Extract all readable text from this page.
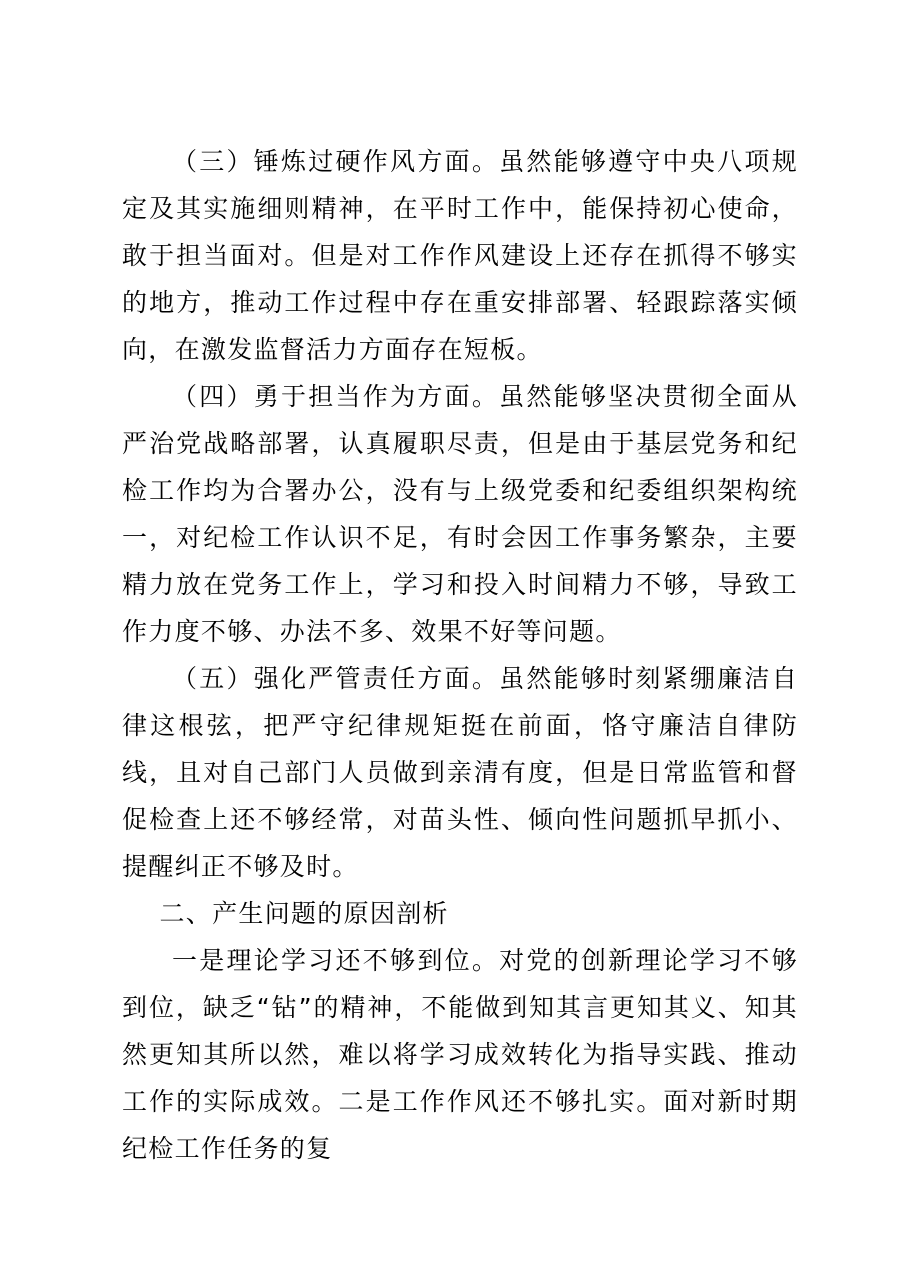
（三）锤炼过硬作风方面。虽然能够遵守中央八项规定及其实施细则精神，在平时工作中，能保持初心使命，敢于担当面对。但是对工作作风建设上还存在抓得不够实的地方，推动工作过程中存在重安排部署、轻跟踪落实倾向，在激发监督活力方面存在短板。

（四）勇于担当作为方面。虽然能够坚决贯彻全面从严治党战略部署，认真履职尽责，但是由于基层党务和纪检工作均为合署办公，没有与上级党委和纪委组织架构统一，对纪检工作认识不足，有时会因工作事务繁杂，主要精力放在党务工作上，学习和投入时间精力不够，导致工作力度不够、办法不多、效果不好等问题。

（五）强化严管责任方面。虽然能够时刻紧绷廉洁自律这根弦，把严守纪律规矩挺在前面，恪守廉洁自律防线，且对自己部门人员做到亲清有度，但是日常监管和督促检查上还不够经常，对苗头性、倾向性问题抓早抓小、提醒纠正不够及时。

二、产生问题的原因剖析

一是理论学习还不够到位。对党的创新理论学习不够到位，缺乏“钻”的精神，不能做到知其言更知其义、知其然更知其所以然，难以将学习成效转化为指导实践、推动工作的实际成效。二是工作作风还不够扎实。面对新时期纪检工作任务的复
